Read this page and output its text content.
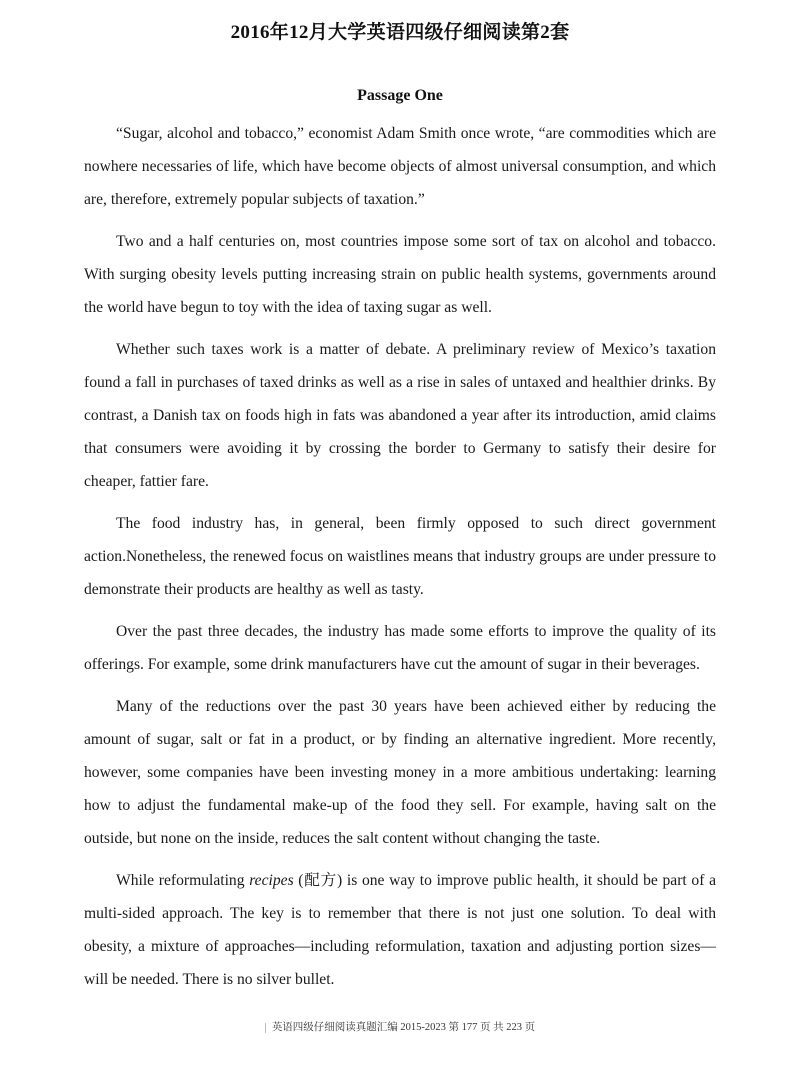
2016年12月大学英语四级仔细阅读第2套
Passage One

“Sugar, alcohol and tobacco,” economist Adam Smith once wrote, “are commodities which are nowhere necessaries of life, which have become objects of almost universal consumption, and which are, therefore, extremely popular subjects of taxation.”

Two and a half centuries on, most countries impose some sort of tax on alcohol and tobacco. With surging obesity levels putting increasing strain on public health systems, governments around the world have begun to toy with the idea of taxing sugar as well.

Whether such taxes work is a matter of debate. A preliminary review of Mexico’s taxation found a fall in purchases of taxed drinks as well as a rise in sales of untaxed and healthier drinks. By contrast, a Danish tax on foods high in fats was abandoned a year after its introduction, amid claims that consumers were avoiding it by crossing the border to Germany to satisfy their desire for cheaper, fattier fare.

The food industry has, in general, been firmly opposed to such direct government action.Nonetheless, the renewed focus on waistlines means that industry groups are under pressure to demonstrate their products are healthy as well as tasty.

Over the past three decades, the industry has made some efforts to improve the quality of its offerings. For example, some drink manufacturers have cut the amount of sugar in their beverages.

Many of the reductions over the past 30 years have been achieved either by reducing the amount of sugar, salt or fat in a product, or by finding an alternative ingredient. More recently, however, some companies have been investing money in a more ambitious undertaking: learning how to adjust the fundamental make-up of the food they sell. For example, having salt on the outside, but none on the inside, reduces the salt content without changing the taste.

While reformulating recipes (配方) is one way to improve public health, it should be part of a multi-sided approach. The key is to remember that there is not just one solution. To deal with obesity, a mixture of approaches—including reformulation, taxation and adjusting portion sizes—will be needed. There is no silver bullet.

英语四级仔细阅读真题汇编 2015-2023 第 177 页 共 223 页
